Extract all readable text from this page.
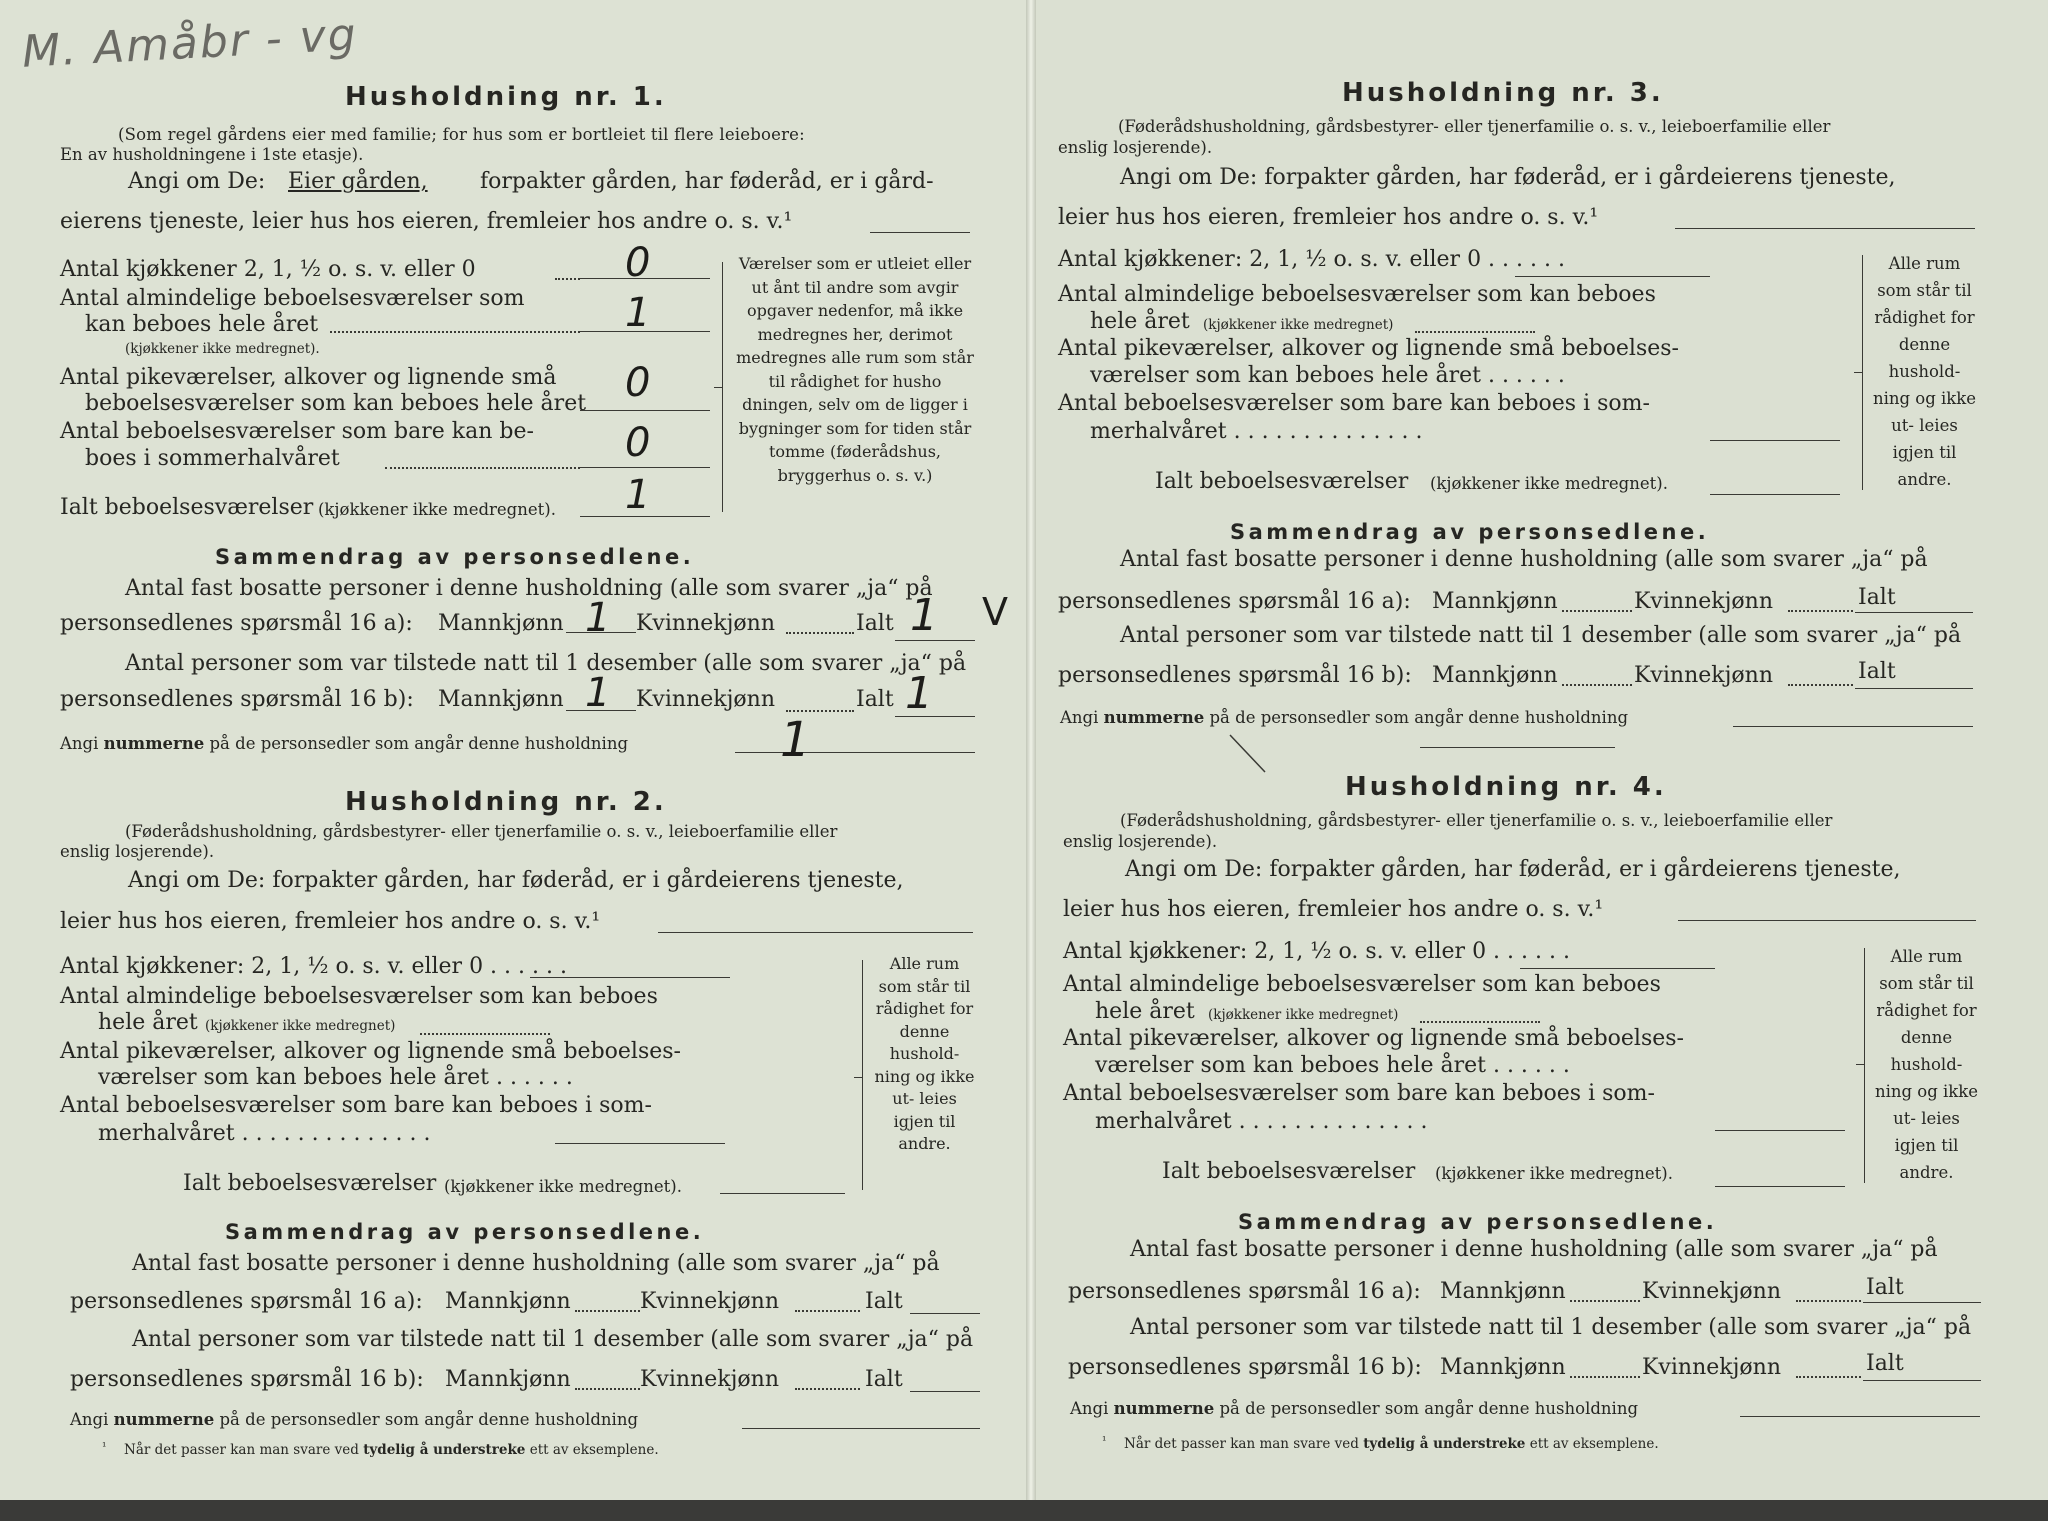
M. Amåbr - vg
Husholdning nr. 1.
(Som regel gårdens eier med familie; for hus som er bortleiet til flere leieboere:
En av husholdningene i 1ste etasje).
Angi om De: Eier gården, forpakter gården, har føderåd, er i gård-
eierens tjeneste, leier hus hos eieren, fremleier hos andre o. s. v.¹
Antal kjøkkener 2, 1, ½ o. s. v. eller 0	0
Antal almindelige beboelsesværelser som
kan beboes hele året
(kjøkkener ikke medregnet).
1
Antal pikeværelser, alkover og lignende små
beboelsesværelser som kan beboes hele året 0
Antal beboelsesværelser som bare kan be-
boes i sommerhalvåret	0
Ialt beboelsesværelser (kjøkkener ikke medregnet). 1
Værelser som er utleiet eller ut ånt til andre som avgir opgaver nedenfor, må ikke medregnes her, derimot medregnes alle rum som står til rådighet for husho dningen, selv om de ligger i bygninger som for tiden står tomme (føderådshus, bryggerhus o. s. v.)
Sammendrag av personsedlene.
Antal fast bosatte personer i denne husholdning (alle som svarer „ja“ på
personsedlenes spørsmål 16 a): Mannkjønn 1 Kvinnekjønn	Ialt 1 V
Antal personer som var tilstede natt til 1 desember (alle som svarer „ja“ på
personsedlenes spørsmål 16 b): Mannkjønn 1 Kvinnekjønn	Ialt 1
Angi nummerne på de personsedler som angår denne husholdning	1
Husholdning nr. 2.
(Føderådshusholdning, gårdsbestyrer- eller tjenerfamilie o. s. v., leieboerfamilie eller
enslig losjerende).
Angi om De: forpakter gården, har føderåd, er i gårdeierens tjeneste,
leier hus hos eieren, fremleier hos andre o. s. v.¹
Antal kjøkkener: 2, 1, ½ o. s. v. eller 0 . . . . . .
Antal almindelige beboelsesværelser som kan beboes
hele året (kjøkkener ikke medregnet)
Antal pikeværelser, alkover og lignende små beboelses-
værelser som kan beboes hele året . . . . . .
Antal beboelsesværelser som bare kan beboes i som-
merhalvåret . . . . . . . . . . . . . .
Ialt beboelsesværelser (kjøkkener ikke medregnet).
Alle rum som står til rådighet for denne hushold- ning og ikke ut- leies igjen til andre.
Sammendrag av personsedlene.
Antal fast bosatte personer i denne husholdning (alle som svarer „ja“ på
personsedlenes spørsmål 16 a): Mannkjønn	Kvinnekjønn	Ialt
Antal personer som var tilstede natt til 1 desember (alle som svarer „ja“ på
personsedlenes spørsmål 16 b): Mannkjønn	Kvinnekjønn	Ialt
Angi nummerne på de personsedler som angår denne husholdning
¹ Når det passer kan man svare ved tydelig å understreke ett av eksemplene.
Husholdning nr. 3.
(Føderådshusholdning, gårdsbestyrer- eller tjenerfamilie o. s. v., leieboerfamilie eller
enslig losjerende).
Angi om De: forpakter gården, har føderåd, er i gårdeierens tjeneste,
leier hus hos eieren, fremleier hos andre o. s. v.¹
Antal kjøkkener: 2, 1, ½ o. s. v. eller 0 . . . . . .
Antal almindelige beboelsesværelser som kan beboes
hele året (kjøkkener ikke medregnet)
Antal pikeværelser, alkover og lignende små beboelses-
værelser som kan beboes hele året . . . . . .
Antal beboelsesværelser som bare kan beboes i som-
merhalvåret . . . . . . . . . . . . . .
Ialt beboelsesværelser (kjøkkener ikke medregnet).
Alle rum som står til rådighet for denne hushold- ning og ikke ut- leies igjen til andre.
Sammendrag av personsedlene.
Antal fast bosatte personer i denne husholdning (alle som svarer „ja“ på
personsedlenes spørsmål 16 a): Mannkjønn	Kvinnekjønn	Ialt
Antal personer som var tilstede natt til 1 desember (alle som svarer „ja“ på
personsedlenes spørsmål 16 b): Mannkjønn	Kvinnekjønn	Ialt
Angi nummerne på de personsedler som angår denne husholdning
Husholdning nr. 4.
(Føderådshusholdning, gårdsbestyrer- eller tjenerfamilie o. s. v., leieboerfamilie eller
enslig losjerende).
Angi om De: forpakter gården, har føderåd, er i gårdeierens tjeneste,
leier hus hos eieren, fremleier hos andre o. s. v.¹
Antal kjøkkener: 2, 1, ½ o. s. v. eller 0 . . . . . .
Antal almindelige beboelsesværelser som kan beboes
hele året (kjøkkener ikke medregnet)
Antal pikeværelser, alkover og lignende små beboelses-
værelser som kan beboes hele året . . . . . .
Antal beboelsesværelser som bare kan beboes i som-
merhalvåret . . . . . . . . . . . . . .
Ialt beboelsesværelser (kjøkkener ikke medregnet).
Alle rum som står til rådighet for denne hushold- ning og ikke ut- leies igjen til andre.
Sammendrag av personsedlene.
Antal fast bosatte personer i denne husholdning (alle som svarer „ja“ på
personsedlenes spørsmål 16 a): Mannkjønn	Kvinnekjønn	Ialt
Antal personer som var tilstede natt til 1 desember (alle som svarer „ja“ på
personsedlenes spørsmål 16 b): Mannkjønn	Kvinnekjønn	Ialt
Angi nummerne på de personsedler som angår denne husholdning
¹ Når det passer kan man svare ved tydelig å understreke ett av eksemplene.
